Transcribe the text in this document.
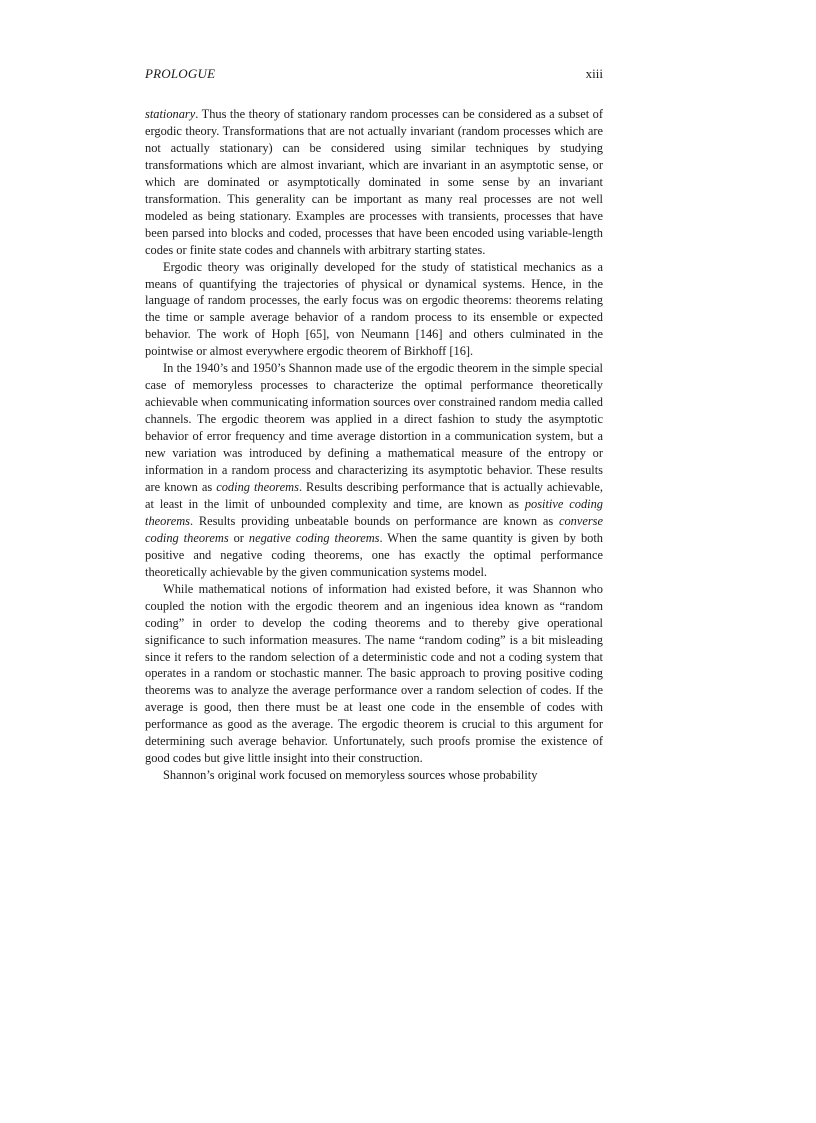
PROLOGUE	xiii

stationary. Thus the theory of stationary random processes can be considered as a subset of ergodic theory. Transformations that are not actually invariant (random processes which are not actually stationary) can be considered using similar techniques by studying transformations which are almost invariant, which are invariant in an asymptotic sense, or which are dominated or asymptotically dominated in some sense by an invariant transformation. This generality can be important as many real processes are not well modeled as being stationary. Examples are processes with transients, processes that have been parsed into blocks and coded, processes that have been encoded using variable-length codes or finite state codes and channels with arbitrary starting states.

Ergodic theory was originally developed for the study of statistical mechanics as a means of quantifying the trajectories of physical or dynamical systems. Hence, in the language of random processes, the early focus was on ergodic theorems: theorems relating the time or sample average behavior of a random process to its ensemble or expected behavior. The work of Hoph [65], von Neumann [146] and others culminated in the pointwise or almost everywhere ergodic theorem of Birkhoff [16].

In the 1940’s and 1950’s Shannon made use of the ergodic theorem in the simple special case of memoryless processes to characterize the optimal performance theoretically achievable when communicating information sources over constrained random media called channels. The ergodic theorem was applied in a direct fashion to study the asymptotic behavior of error frequency and time average distortion in a communication system, but a new variation was introduced by defining a mathematical measure of the entropy or information in a random process and characterizing its asymptotic behavior. These results are known as coding theorems. Results describing performance that is actually achievable, at least in the limit of unbounded complexity and time, are known as positive coding theorems. Results providing unbeatable bounds on performance are known as converse coding theorems or negative coding theorems. When the same quantity is given by both positive and negative coding theorems, one has exactly the optimal performance theoretically achievable by the given communication systems model.

While mathematical notions of information had existed before, it was Shannon who coupled the notion with the ergodic theorem and an ingenious idea known as “random coding” in order to develop the coding theorems and to thereby give operational significance to such information measures. The name “random coding” is a bit misleading since it refers to the random selection of a deterministic code and not a coding system that operates in a random or stochastic manner. The basic approach to proving positive coding theorems was to analyze the average performance over a random selection of codes. If the average is good, then there must be at least one code in the ensemble of codes with performance as good as the average. The ergodic theorem is crucial to this argument for determining such average behavior. Unfortunately, such proofs promise the existence of good codes but give little insight into their construction.

Shannon’s original work focused on memoryless sources whose probability
